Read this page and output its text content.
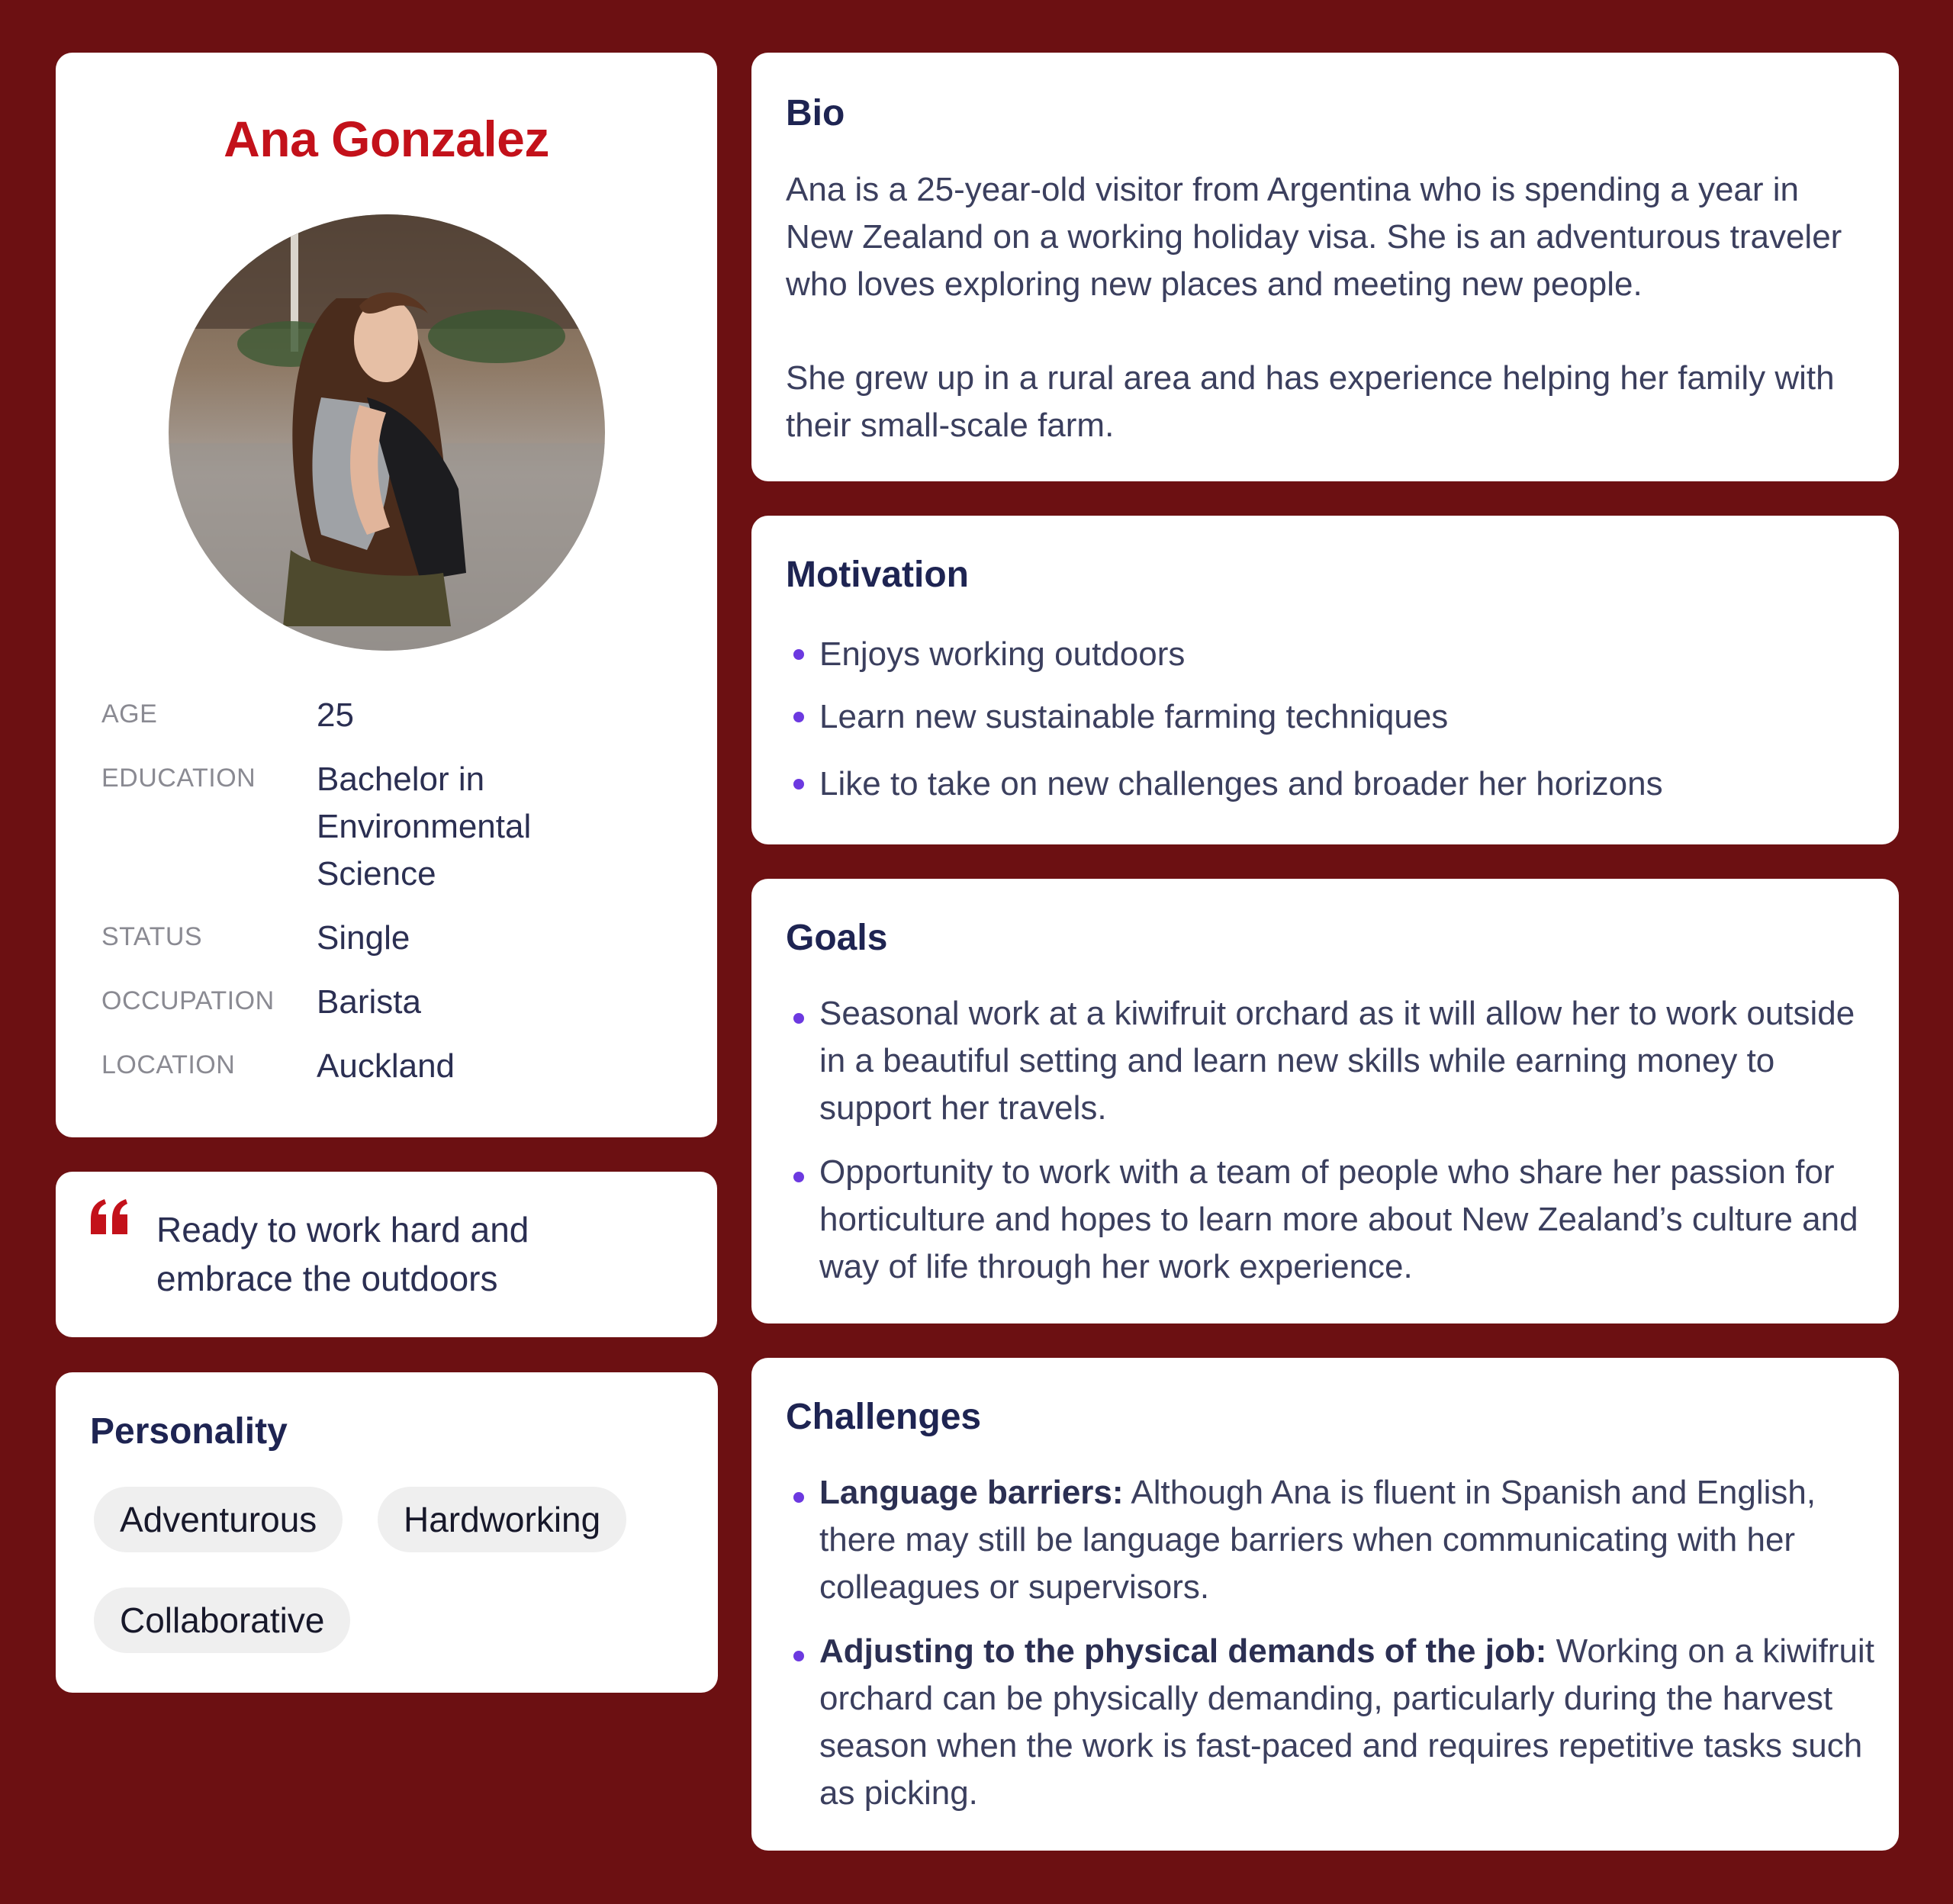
Ana Gonzalez
AGE	25
EDUCATION Bachelor in Environmental Science
STATUS	Single
OCCUPATION Barista
LOCATION Auckland
Ready to work hard and embrace the outdoors
Personality
Adventurous	Hardworking
Collaborative
Bio
Ana is a 25-year-old visitor from Argentina who is spending a year in New Zealand on a working holiday visa. She is an adventurous traveler who loves exploring new places and meeting new people.
She grew up in a rural area and has experience helping her family with their small-scale farm.
Motivation
Enjoys working outdoors
Learn new sustainable farming techniques
Like to take on new challenges and broader her horizons
Goals
Seasonal work at a kiwifruit orchard as it will allow her to work outside in a beautiful setting and learn new skills while earning money to support her travels.
Opportunity to work with a team of people who share her passion for horticulture and hopes to learn more about New Zealand’s culture and way of life through her work experience.
Challenges
Language barriers: Although Ana is fluent in Spanish and English, there may still be language barriers when communicating with her colleagues or supervisors.
Adjusting to the physical demands of the job: Working on a kiwifruit orchard can be physically demanding, particularly during the harvest season when the work is fast-paced and requires repetitive tasks such as picking.
